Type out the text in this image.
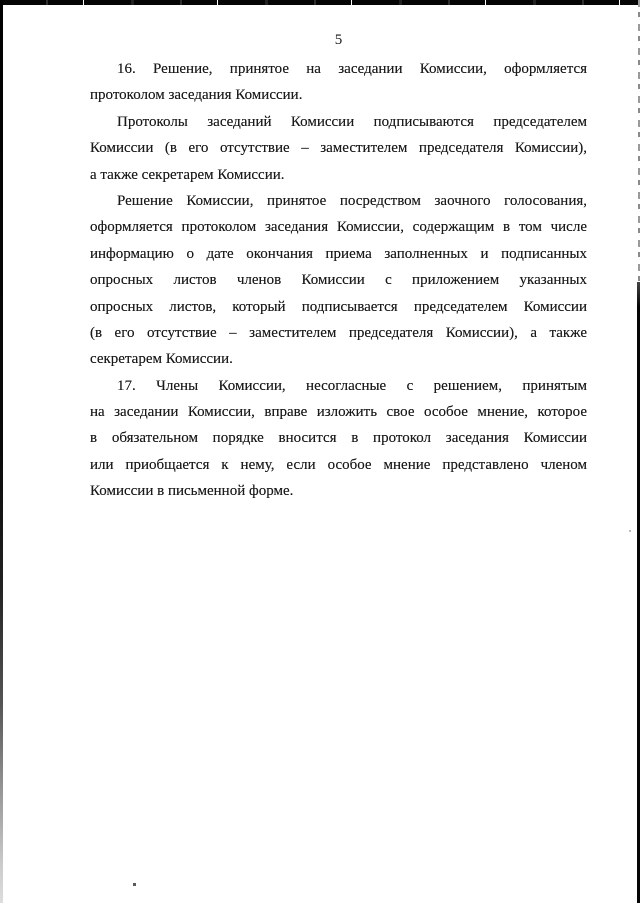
5
16. Решение, принятое на заседании Комиссии, оформляется
протоколом заседания Комиссии.
Протоколы заседаний Комиссии подписываются председателем
Комиссии (в его отсутствие – заместителем председателя Комиссии),
а также секретарем Комиссии.
Решение Комиссии, принятое посредством заочного голосования,
оформляется протоколом заседания Комиссии, содержащим в том числе
информацию о дате окончания приема заполненных и подписанных
опросных листов членов Комиссии с приложением указанных
опросных листов, который подписывается председателем Комиссии
(в его отсутствие – заместителем председателя Комиссии), а также
секретарем Комиссии.
17. Члены Комиссии, несогласные с решением, принятым
на заседании Комиссии, вправе изложить свое особое мнение, которое
в обязательном порядке вносится в протокол заседания Комиссии
или приобщается к нему, если особое мнение представлено членом
Комиссии в письменной форме.
